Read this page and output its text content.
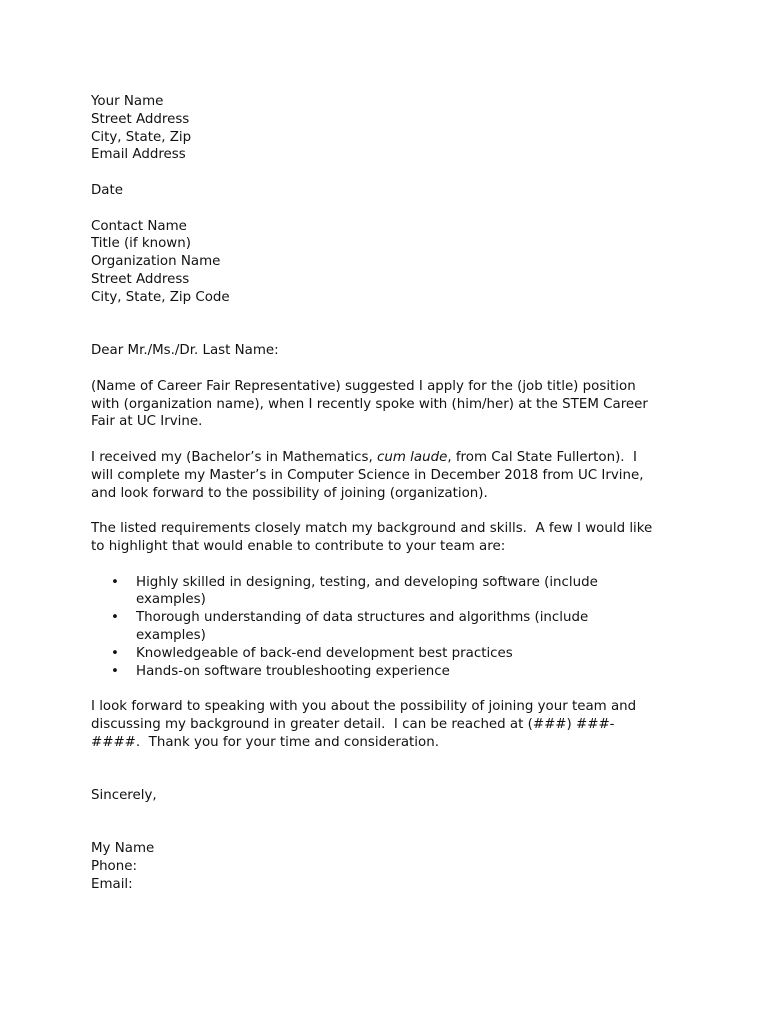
Your Name
Street Address
City, State, Zip
Email Address
Date
Contact Name
Title (if known)
Organization Name
Street Address
City, State, Zip Code
Dear Mr./Ms./Dr. Last Name:
(Name of Career Fair Representative) suggested I apply for the (job title) position
with (organization name), when I recently spoke with (him/her) at the STEM Career
Fair at UC Irvine.
I received my (Bachelor’s in Mathematics, cum laude, from Cal State Fullerton).  I
will complete my Master’s in Computer Science in December 2018 from UC Irvine,
and look forward to the possibility of joining (organization).
The listed requirements closely match my background and skills.  A few I would like
to highlight that would enable to contribute to your team are:
• Highly skilled in designing, testing, and developing software (include
examples)
• Thorough understanding of data structures and algorithms (include
examples)
• Knowledgeable of back-end development best practices
• Hands-on software troubleshooting experience
I look forward to speaking with you about the possibility of joining your team and
discussing my background in greater detail.  I can be reached at (###) ###-
####.  Thank you for your time and consideration.
Sincerely,
My Name
Phone:
Email:
